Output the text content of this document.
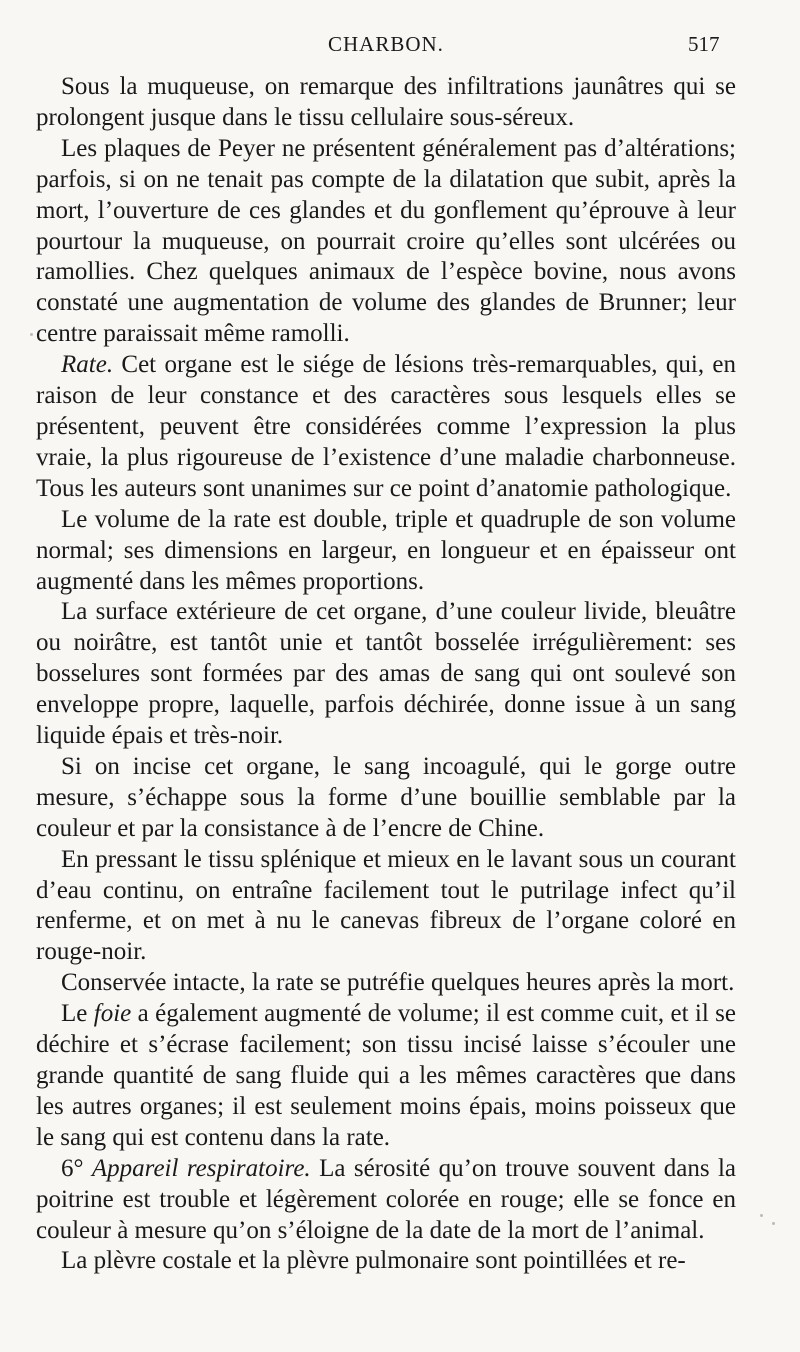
CHARBON.	517

Sous la muqueuse, on remarque des infiltrations jaunâtres qui se prolongent jusque dans le tissu cellulaire sous-séreux.

Les plaques de Peyer ne présentent généralement pas d’altérations; parfois, si on ne tenait pas compte de la dilatation que subit, après la mort, l’ouverture de ces glandes et du gonflement qu’éprouve à leur pourtour la muqueuse, on pourrait croire qu’elles sont ulcérées ou ramollies. Chez quelques animaux de l’espèce bovine, nous avons constaté une augmentation de volume des glandes de Brunner; leur centre paraissait même ramolli.

Rate. Cet organe est le siége de lésions très-remarquables, qui, en raison de leur constance et des caractères sous lesquels elles se présentent, peuvent être considérées comme l’expression la plus vraie, la plus rigoureuse de l’existence d’une maladie charbonneuse. Tous les auteurs sont unanimes sur ce point d’anatomie pathologique.

Le volume de la rate est double, triple et quadruple de son volume normal; ses dimensions en largeur, en longueur et en épaisseur ont augmenté dans les mêmes proportions.

La surface extérieure de cet organe, d’une couleur livide, bleuâtre ou noirâtre, est tantôt unie et tantôt bosselée irrégulièrement: ses bosselures sont formées par des amas de sang qui ont soulevé son enveloppe propre, laquelle, parfois déchirée, donne issue à un sang liquide épais et très-noir.

Si on incise cet organe, le sang incoagulé, qui le gorge outre mesure, s’échappe sous la forme d’une bouillie semblable par la couleur et par la consistance à de l’encre de Chine.

En pressant le tissu splénique et mieux en le lavant sous un courant d’eau continu, on entraîne facilement tout le putrilage infect qu’il renferme, et on met à nu le canevas fibreux de l’organe coloré en rouge-noir.

Conservée intacte, la rate se putréfie quelques heures après la mort.

Le foie a également augmenté de volume; il est comme cuit, et il se déchire et s’écrase facilement; son tissu incisé laisse s’écouler une grande quantité de sang fluide qui a les mêmes caractères que dans les autres organes; il est seulement moins épais, moins poisseux que le sang qui est contenu dans la rate.

6° Appareil respiratoire. La sérosité qu’on trouve souvent dans la poitrine est trouble et légèrement colorée en rouge; elle se fonce en couleur à mesure qu’on s’éloigne de la date de la mort de l’animal.

La plèvre costale et la plèvre pulmonaire sont pointillées et re-
